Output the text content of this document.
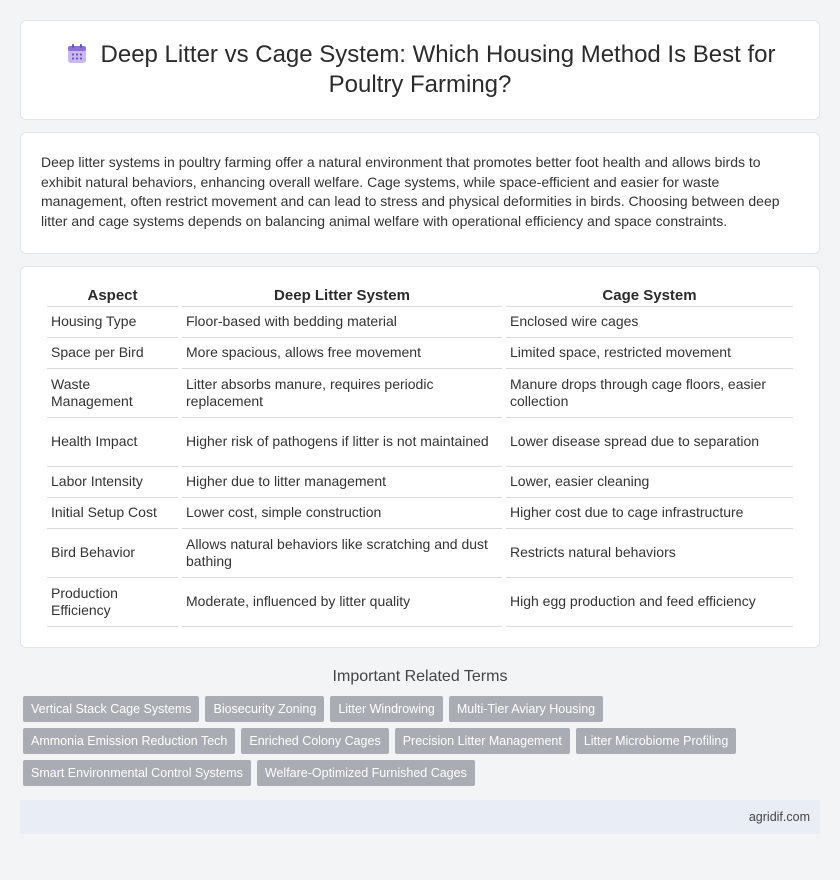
Deep Litter vs Cage System: Which Housing Method Is Best for Poultry Farming?

Deep litter systems in poultry farming offer a natural environment that promotes better foot health and allows birds to exhibit natural behaviors, enhancing overall welfare. Cage systems, while space-efficient and easier for waste management, often restrict movement and can lead to stress and physical deformities in birds. Choosing between deep litter and cage systems depends on balancing animal welfare with operational efficiency and space constraints.

Aspect	Deep Litter System	Cage System
Housing Type	Floor-based with bedding material	Enclosed wire cages
Space per Bird	More spacious, allows free movement	Limited space, restricted movement
Waste Management	Litter absorbs manure, requires periodic replacement	Manure drops through cage floors, easier collection
Health Impact	Higher risk of pathogens if litter is not maintained	Lower disease spread due to separation
Labor Intensity	Higher due to litter management	Lower, easier cleaning
Initial Setup Cost	Lower cost, simple construction	Higher cost due to cage infrastructure
Bird Behavior	Allows natural behaviors like scratching and dust bathing	Restricts natural behaviors
Production Efficiency	Moderate, influenced by litter quality	High egg production and feed efficiency
Important Related Terms
Vertical Stack Cage Systems	Biosecurity Zoning	Litter Windrowing	Multi-Tier Aviary Housing
Ammonia Emission Reduction Tech	Enriched Colony Cages	Precision Litter Management	Litter Microbiome Profiling
Smart Environmental Control Systems	Welfare-Optimized Furnished Cages
agridif.com
